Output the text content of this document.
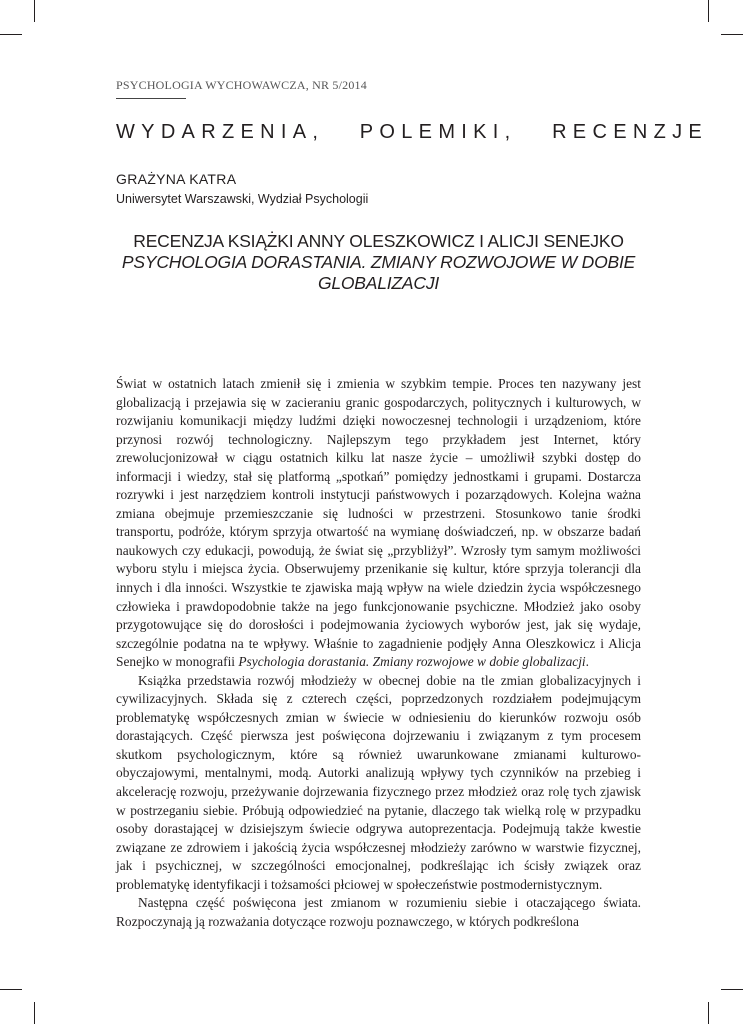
PSYCHOLOGIA WYCHOWAWCZA, NR 5/2014
WYDARZENIA,   POLEMIKI,   RECENZJE
GRAŻYNA KATRA
Uniwersytet Warszawski, Wydział Psychologii
RECENZJA KSIĄŻKI ANNY OLESZKOWICZ I ALICJI SENEJKO
PSYCHOLOGIA DORASTANIA. ZMIANY ROZWOJOWE W DOBIE GLOBALIZACJI

Świat w ostatnich latach zmienił się i zmienia w szybkim tempie. Proces ten nazywany jest globalizacją i przejawia się w zacieraniu granic gospodarczych, politycznych i kulturowych, w rozwijaniu komunikacji między ludźmi dzięki nowoczesnej technologii i urządzeniom, które przynosi rozwój technologiczny. Najlepszym tego przykładem jest Internet, który zrewolucjonizował w ciągu ostatnich kilku lat nasze życie – umożliwił szybki dostęp do informacji i wiedzy, stał się platformą „spotkań” pomiędzy jednostkami i grupami. Dostarcza rozrywki i jest narzędziem kontroli instytucji państwowych i pozarządowych. Kolejna ważna zmiana obejmuje przemieszczanie się ludności w przestrzeni. Stosunkowo tanie środki transportu, podróże, którym sprzyja otwartość na wymianę doświadczeń, np. w obszarze badań naukowych czy edukacji, powodują, że świat się „przybliżył”. Wzrosły tym samym możliwości wyboru stylu i miejsca życia. Obserwujemy przenikanie się kultur, które sprzyja tolerancji dla innych i dla inności. Wszystkie te zjawiska mają wpływ na wiele dziedzin życia współczesnego człowieka i prawdopodobnie także na jego funkcjonowanie psychiczne. Młodzież jako osoby przygotowujące się do dorosłości i podejmowania życiowych wyborów jest, jak się wydaje, szczególnie podatna na te wpływy. Właśnie to zagadnienie podjęły Anna Oleszkowicz i Alicja Senejko w monografii Psychologia dorastania. Zmiany rozwojowe w dobie globalizacji.

Książka przedstawia rozwój młodzieży w obecnej dobie na tle zmian globalizacyjnych i cywilizacyjnych. Składa się z czterech części, poprzedzonych rozdziałem podejmującym problematykę współczesnych zmian w świecie w odniesieniu do kierunków rozwoju osób dorastających. Część pierwsza jest poświęcona dojrzewaniu i związanym z tym procesem skutkom psychologicznym, które są również uwarunkowane zmianami kulturowo-obyczajowymi, mentalnymi, modą. Autorki analizują wpływy tych czynników na przebieg i akcelerację rozwoju, przeżywanie dojrzewania fizycznego przez młodzież oraz rolę tych zjawisk w postrzeganiu siebie. Próbują odpowiedzieć na pytanie, dlaczego tak wielką rolę w przypadku osoby dorastającej w dzisiejszym świecie odgrywa autoprezentacja. Podejmują także kwestie związane ze zdrowiem i jakością życia współczesnej młodzieży zarówno w warstwie fizycznej, jak i psychicznej, w szczególności emocjonalnej, podkreślając ich ścisły związek oraz problematykę identyfikacji i tożsamości płciowej w społeczeństwie postmodernistycznym.

Następna część poświęcona jest zmianom w rozumieniu siebie i otaczającego świata. Rozpoczynają ją rozważania dotyczące rozwoju poznawczego, w których podkreślona
